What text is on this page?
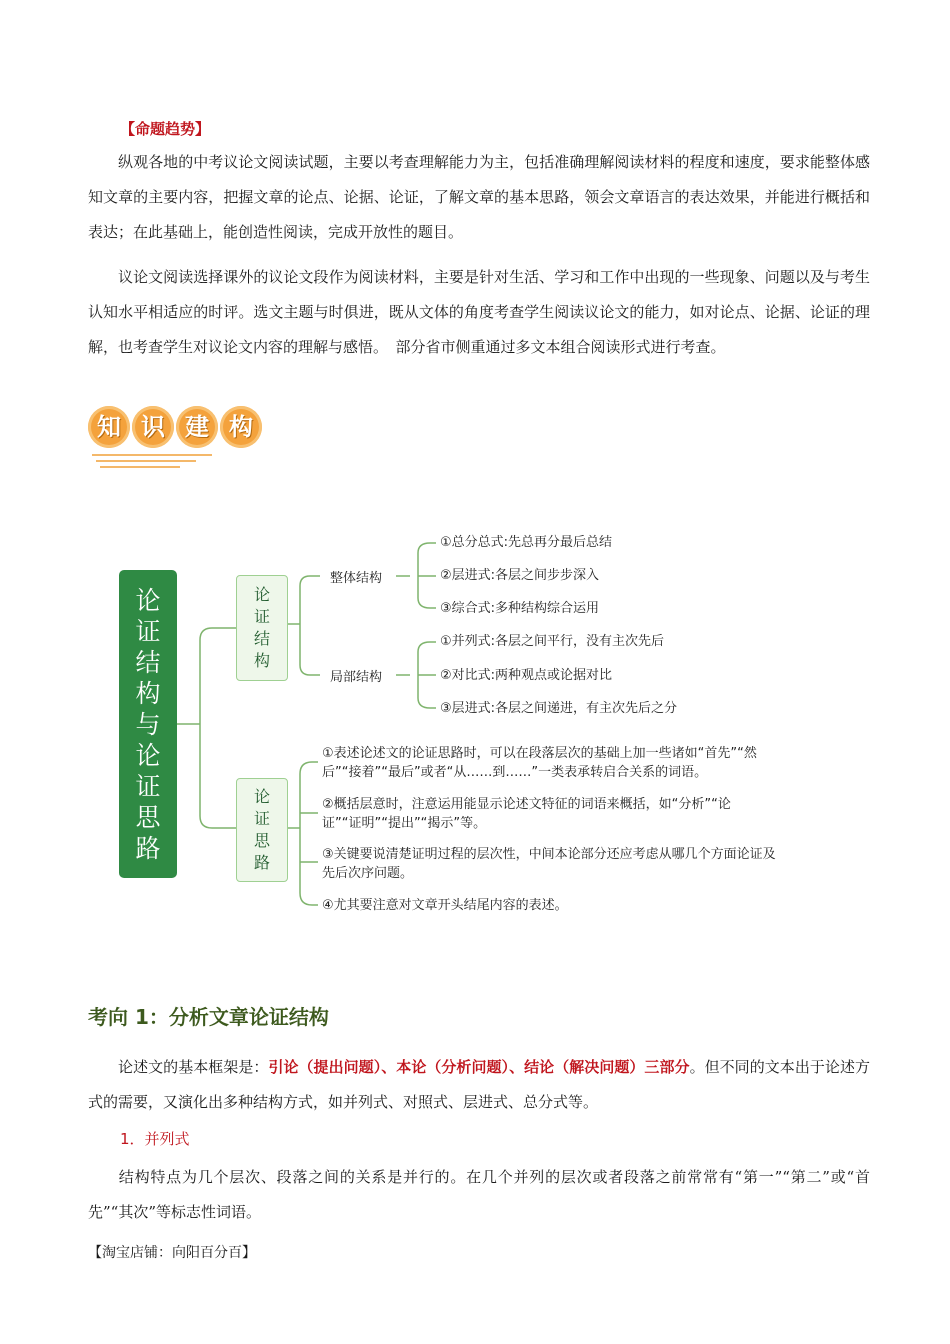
【命题趋势】
纵观各地的中考议论文阅读试题，主要以考查理解能力为主，包括准确理解阅读材料的程度和速度，要求能整体感知文章的主要内容，把握文章的论点、论据、论证，了解文章的基本思路，领会文章语言的表达效果，并能进行概括和表达；在此基础上，能创造性阅读，完成开放性的题目。
议论文阅读选择课外的议论文段作为阅读材料，主要是针对生活、学习和工作中出现的一些现象、问题以及与考生认知水平相适应的时评。选文主题与时俱进，既从文体的角度考查学生阅读议论文的能力，如对论点、论据、论证的理解，也考查学生对议论文内容的理解与感悟。　部分省市侧重通过多文本组合阅读形式进行考查。
知 识 建 构
论
证
结
构
与
论
证
思
路
论
证
结
构
论
证
思
路
整体结构
局部结构
①总分总式:先总再分最后总结
②层进式:各层之间步步深入
③综合式:多种结构综合运用
①并列式:各层之间平行，没有主次先后
②对比式:两种观点或论据对比
③层进式:各层之间递进，有主次先后之分
①表述论述文的论证思路时，可以在段落层次的基础上加一些诸如“首先”“然
后”“接着”“最后”或者“从……到……”一类表承转启合关系的词语。
②概括层意时，注意运用能显示论述文特征的词语来概括，如“分析”“论
证”“证明”“提出”“揭示”等。
③关键要说清楚证明过程的层次性，中间本论部分还应考虑从哪几个方面论证及
先后次序问题。
④尤其要注意对文章开头结尾内容的表述。
考向 1：分析文章论证结构
论述文的基本框架是：引论（提出问题）、本论（分析问题）、结论（解决问题）三部分。但不同的文本出于论述方式的需要，又演化出多种结构方式，如并列式、对照式、层进式、总分式等。
1．并列式
结构特点为几个层次、段落之间的关系是并行的。在几个并列的层次或者段落之前常常有“第一”“第二”或“首先”“其次”等标志性词语。
【淘宝店铺：向阳百分百】
